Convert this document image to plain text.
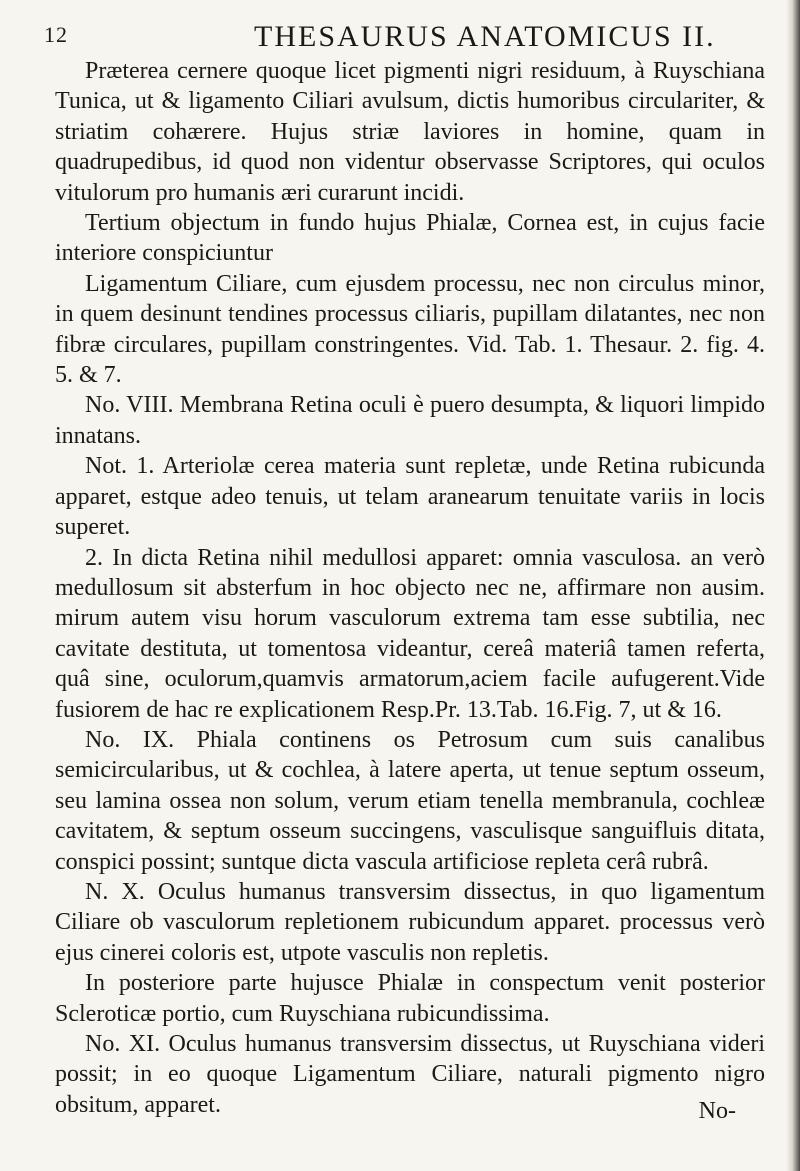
12	THESAURUS ANATOMICUS II.

Præterea cernere quoque licet pigmenti nigri residuum, à Ruyschiana Tunica, ut & ligamento Ciliari avulsum, dictis humoribus circulariter, & striatim cohærere. Hujus striæ laviores in homine, quam in quadrupedibus, id quod non videntur observasse Scriptores, qui oculos vitulorum pro humanis æri curarunt incidi.

Tertium objectum in fundo hujus Phialæ, Cornea est, in cujus facie interiore conspiciuntur

Ligamentum Ciliare, cum ejusdem processu, nec non circulus minor, in quem desinunt tendines processus ciliaris, pupillam dilatantes, nec non fibræ circulares, pupillam constringentes. Vid. Tab. 1. Thesaur. 2. fig. 4. 5. & 7.

No. VIII. Membrana Retina oculi è puero desumpta, & liquori limpido innatans.

Not. 1. Arteriolæ cerea materia sunt repletæ, unde Retina rubicunda apparet, estque adeo tenuis, ut telam aranearum tenuitate variis in locis superet.

2. In dicta Retina nihil medullosi apparet: omnia vasculosa. an verò medullosum sit absterfum in hoc objecto nec ne, affirmare non ausim. mirum autem visu horum vasculorum extrema tam esse subtilia, nec cavitate destituta, ut tomentosa videantur, cereâ materiâ tamen referta, quâ sine, oculorum,quamvis armatorum,aciem facile aufugerent.Vide fusiorem de hac re explicationem Resp.Pr. 13.Tab. 16.Fig. 7, ut & 16.

No. IX. Phiala continens os Petrosum cum suis canalibus semicircularibus, ut & cochlea, à latere aperta, ut tenue septum osseum, seu lamina ossea non solum, verum etiam tenella membranula, cochleæ cavitatem, & septum osseum succingens, vasculisque sanguifluis ditata, conspici possint; suntque dicta vascula artificiose repleta cerâ rubrâ.

N. X. Oculus humanus transversim dissectus, in quo ligamentum Ciliare ob vasculorum repletionem rubicundum apparet. processus verò ejus cinerei coloris est, utpote vasculis non repletis.

In posteriore parte hujusce Phialæ in conspectum venit posterior Scleroticæ portio, cum Ruyschiana rubicundissima.

No. XI. Oculus humanus transversim dissectus, ut Ruyschiana videri possit; in eo quoque Ligamentum Ciliare, naturali pigmento nigro obsitum, apparet.	No-
